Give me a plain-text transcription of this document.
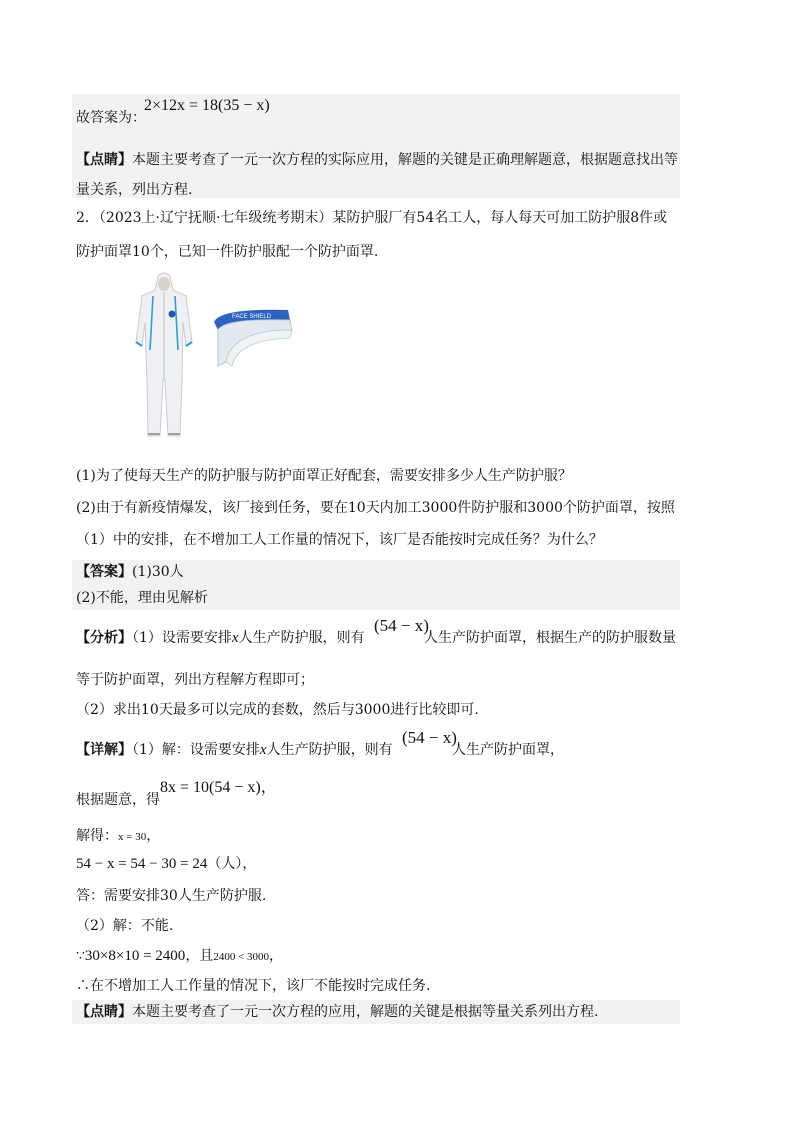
故答案为：
2×12x = 18(35 − x)
【点睛】本题主要考查了一元一次方程的实际应用，解题的关键是正确理解题意，根据题意找出等
量关系，列出方程.
2．（2023上·辽宁抚顺·七年级统考期末）某防护服厂有54名工人，每人每天可加工防护服8件或
防护面罩10个，已知一件防护服配一个防护面罩.
FACE SHIELD
(1)为了使每天生产的防护服与防护面罩正好配套，需要安排多少人生产防护服？
(2)由于有新疫情爆发，该厂接到任务，要在10天内加工3000件防护服和3000个防护面罩，按照
（1）中的安排，在不增加工人工作量的情况下，该厂是否能按时完成任务？为什么？
【答案】(1)30人
(2)不能，理由见解析
【分析】（1）设需要安排x人生产防护服，则有
(54 − x)
人生产防护面罩，根据生产的防护服数量
等于防护面罩，列出方程解方程即可；
（2）求出10天最多可以完成的套数，然后与3000进行比较即可.
【详解】（1）解：设需要安排x人生产防护服，则有
(54 − x)
人生产防护面罩，
根据题意，得
8x = 10(54 − x)，
解得：x = 30，
54 − x = 54 − 30 = 24（人），
答：需要安排30人生产防护服.
（2）解：不能.
∵30×8×10 = 2400，且2400 < 3000，
∴在不增加工人工作量的情况下，该厂不能按时完成任务.
【点睛】本题主要考查了一元一次方程的应用，解题的关键是根据等量关系列出方程.
